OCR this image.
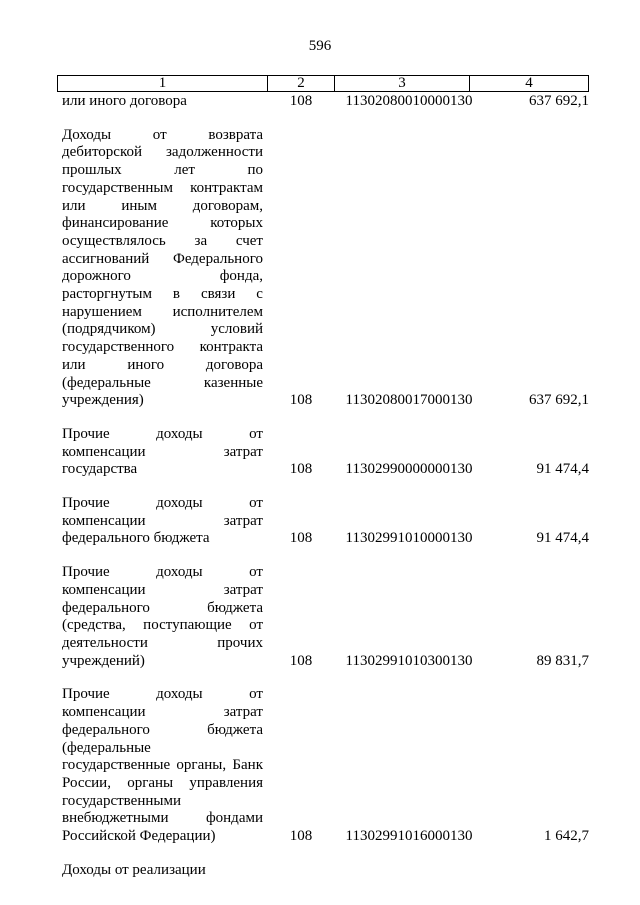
596
1	2	3	4
или иного договора	108	11302080010000130	637 692,1
Доходы	от	возврата
дебиторской задолженности
прошлых	лет	по
государственным контрактам
или иным договорам,
финансирование	которых
осуществлялось за счет
ассигнований Федерального
дорожного	фонда,
расторгнутым в связи с
нарушением исполнителем
(подрядчиком)	условий
государственного контракта
или	иного	договора
(федеральные	казенные
учреждения)	108	11302080017000130	637 692,1
Прочие	доходы	от
компенсации	затрат
государства	108	11302990000000130	91 474,4
Прочие	доходы	от
компенсации	затрат
федерального бюджета	108	11302991010000130	91 474,4
Прочие	доходы	от
компенсации	затрат
федерального	бюджета
(средства, поступающие от
деятельности	прочих
учреждений)	108	11302991010300130	89 831,7
Прочие	доходы	от
компенсации	затрат
федерального	бюджета
(федеральные
государственные органы, Банк
России, органы управления
государственными
внебюджетными фондами
Российской Федерации)	108	11302991016000130	1 642,7
Доходы от реализации
